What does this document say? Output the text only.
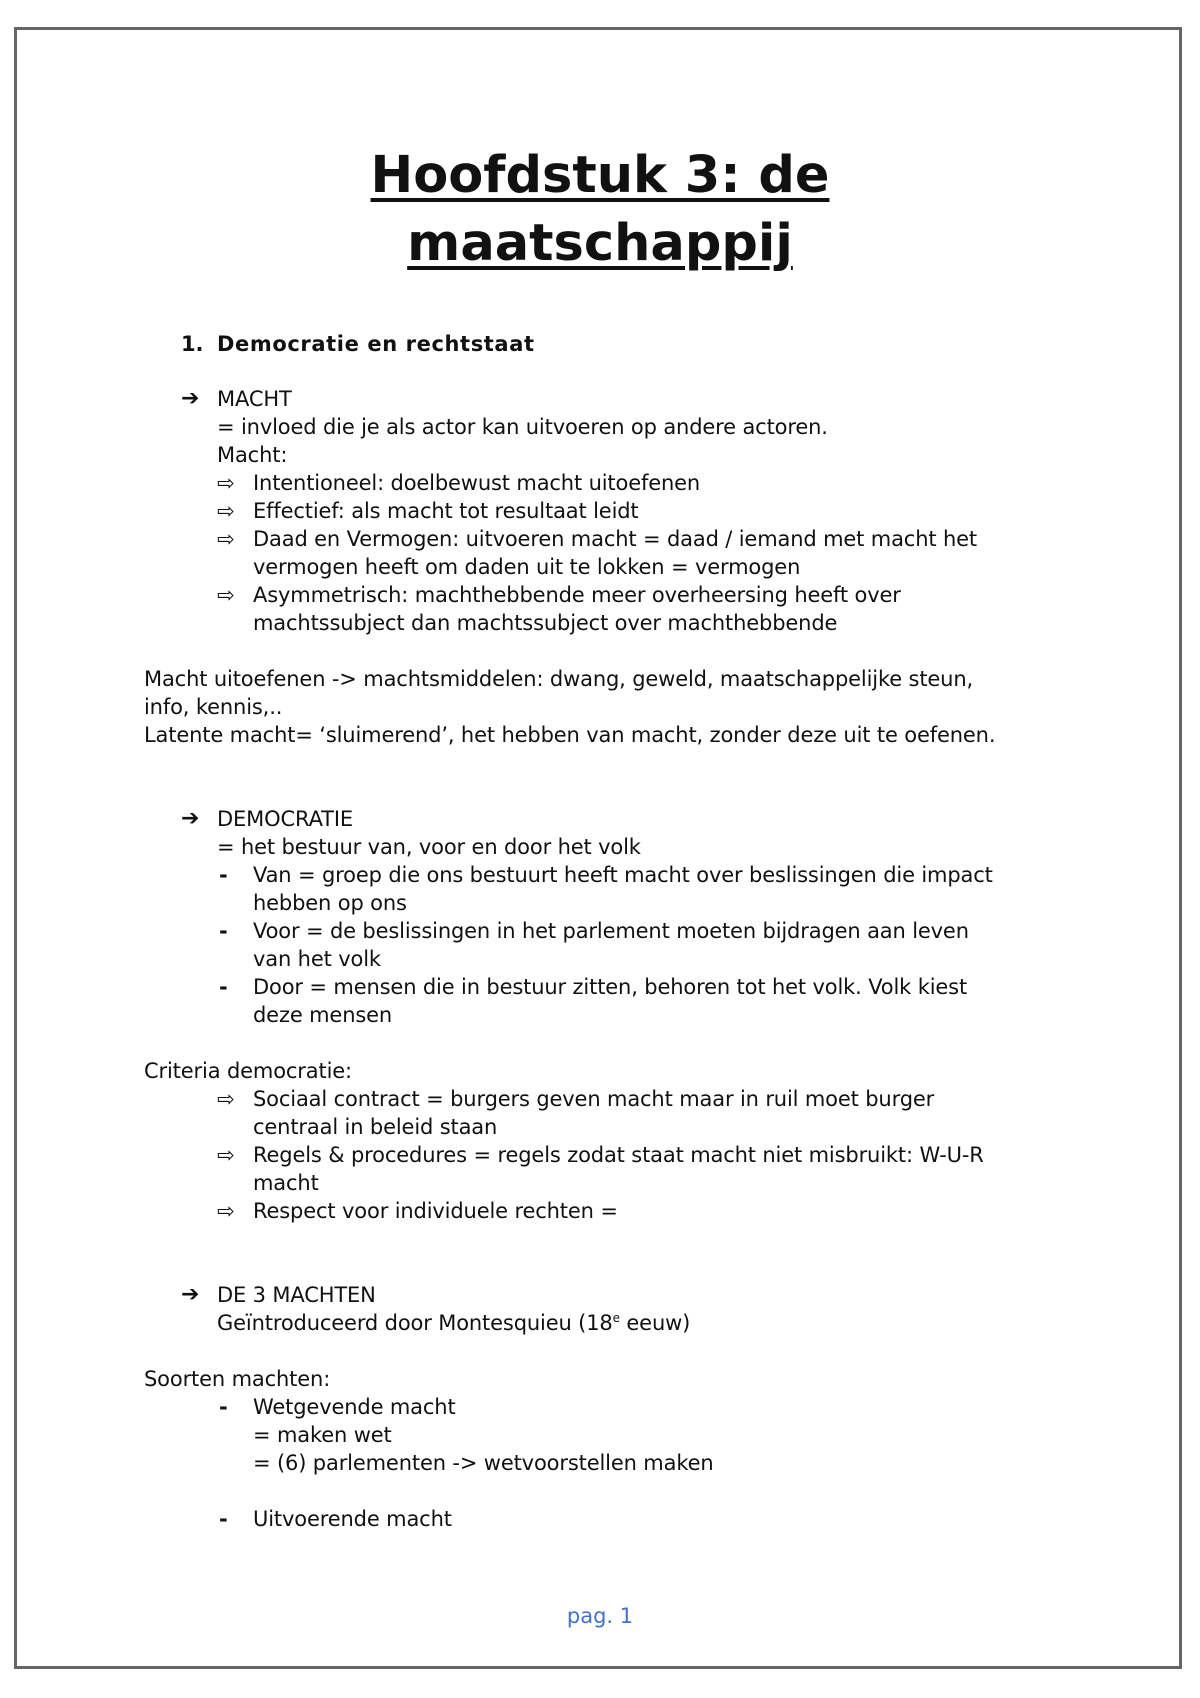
Hoofdstuk 3: de
maatschappij
1. Democratie en rechtstaat
➔ MACHT
= invloed die je als actor kan uitvoeren op andere actoren.
Macht:
⇨ Intentioneel: doelbewust macht uitoefenen
⇨ Effectief: als macht tot resultaat leidt
⇨ Daad en Vermogen: uitvoeren macht = daad / iemand met macht het
vermogen heeft om daden uit te lokken = vermogen
⇨ Asymmetrisch: machthebbende meer overheersing heeft over
machtssubject dan machtssubject over machthebbende
Macht uitoefenen -> machtsmiddelen: dwang, geweld, maatschappelijke steun,
info, kennis,..
Latente macht= ‘sluimerend’, het hebben van macht, zonder deze uit te oefenen.
➔ DEMOCRATIE
= het bestuur van, voor en door het volk
- Van = groep die ons bestuurt heeft macht over beslissingen die impact
hebben op ons
- Voor = de beslissingen in het parlement moeten bijdragen aan leven
van het volk
- Door = mensen die in bestuur zitten, behoren tot het volk. Volk kiest
deze mensen
Criteria democratie:
⇨ Sociaal contract = burgers geven macht maar in ruil moet burger
centraal in beleid staan
⇨ Regels & procedures = regels zodat staat macht niet misbruikt: W-U-R
macht
⇨ Respect voor individuele rechten =
➔ DE 3 MACHTEN
Geïntroduceerd door Montesquieu (18e eeuw)
Soorten machten:
- Wetgevende macht
= maken wet
= (6) parlementen -> wetvoorstellen maken
- Uitvoerende macht
pag. 1
